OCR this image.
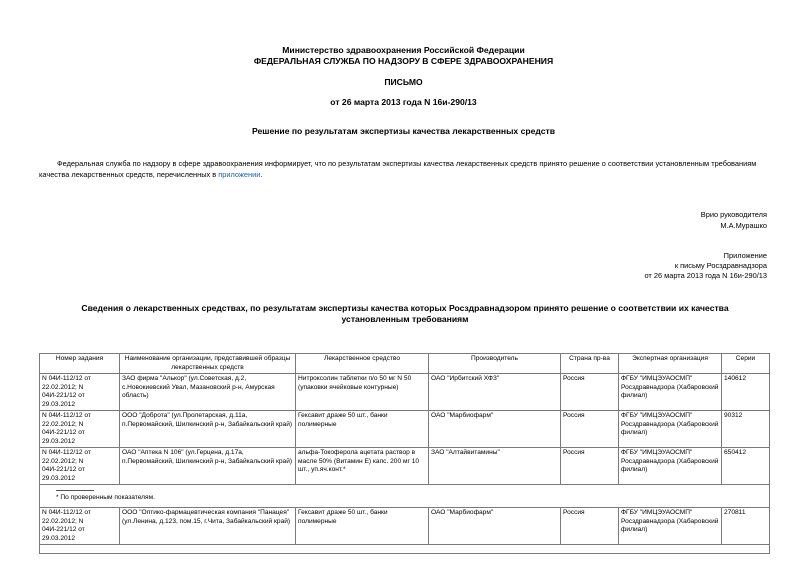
Министерство здравоохранения Российской Федерации
ФЕДЕРАЛЬНАЯ СЛУЖБА ПО НАДЗОРУ В СФЕРЕ ЗДРАВООХРАНЕНИЯ
ПИСЬМО
от 26 марта 2013 года N 16и-290/13
Решение по результатам экспертизы качества лекарственных средств
Федеральная служба по надзору в сфере здравоохранения информирует, что по результатам экспертизы качества лекарственных средств принято решение о соответствии установленным требованиям качества лекарственных средств, перечисленных в приложении.
Врио руководителя
М.А.Мурашко
Приложение
к письму Росздравнадзора
от 26 марта 2013 года N 16и-290/13
Сведения о лекарственных средствах, по результатам экспертизы качества которых Росздравнадзором принято решение о соответствии их качества установленным требованиям
Номер задания	Наименование организации, представившей образцы лекарственных средств	Лекарственное средство	Производитель	Страна пр-ва	Экспертная организация	Серии
N 04И-112/12 от 22.02.2012; N 04И-221/12 от 29.03.2012	ЗАО фирма "Алькор" (ул.Советская, д.2, с.Новокиевский Увал, Мазановский р-н, Амурская область)	Нитроксолин таблетки п/о 50 мг N 50 (упаковки ячейковые контурные)	ОАО "Ирбитский ХФЗ"	Россия	ФГБУ "ИМЦЭУАОСМП" Росздравнадзора (Хабаровский филиал)	140612
N 04И-112/12 от 22.02.2012; N 04И-221/12 от 29.03.2012	ООО "Доброта" (ул.Пролетарская, д.11а, п.Первомайский, Шилкинский р-н, Забайкальский край)	Гексавит драже 50 шт., банки полимерные	ОАО "Марбиофарм"	Россия	ФГБУ "ИМЦЭУАОСМП" Росздравнадзора (Хабаровский филиал)	90312
N 04И-112/12 от 22.02.2012; N 04И-221/12 от 29.03.2012	ОАО "Аптека N 106" (ул.Герцена, д.17а, п.Первомайский, Шилкинский р-н, Забайкальский край)	альфа-Токоферола ацетата раствор в масле 50% (Витамин Е) капс. 200 мг 10 шт., уп.яч.конт.*	ЗАО "Алтайвитамины"	Россия	ФГБУ "ИМЦЭУАОСМП" Росздравнадзора (Хабаровский филиал)	650412

* По проверенным показателям.						
N 04И-112/12 от 22.02.2012; N 04И-221/12 от 29.03.2012	ООО "Оптико-фармацевтическая компания "Панацея" (ул.Ленина, д.123, пом.15, г.Чита, Забайкальский край)	Гексавит драже 50 шт., банки полимерные	ОАО "Марбиофарм"	Россия	ФГБУ "ИМЦЭУАОСМП" Росздравнадзора (Хабаровский филиал)	270811
